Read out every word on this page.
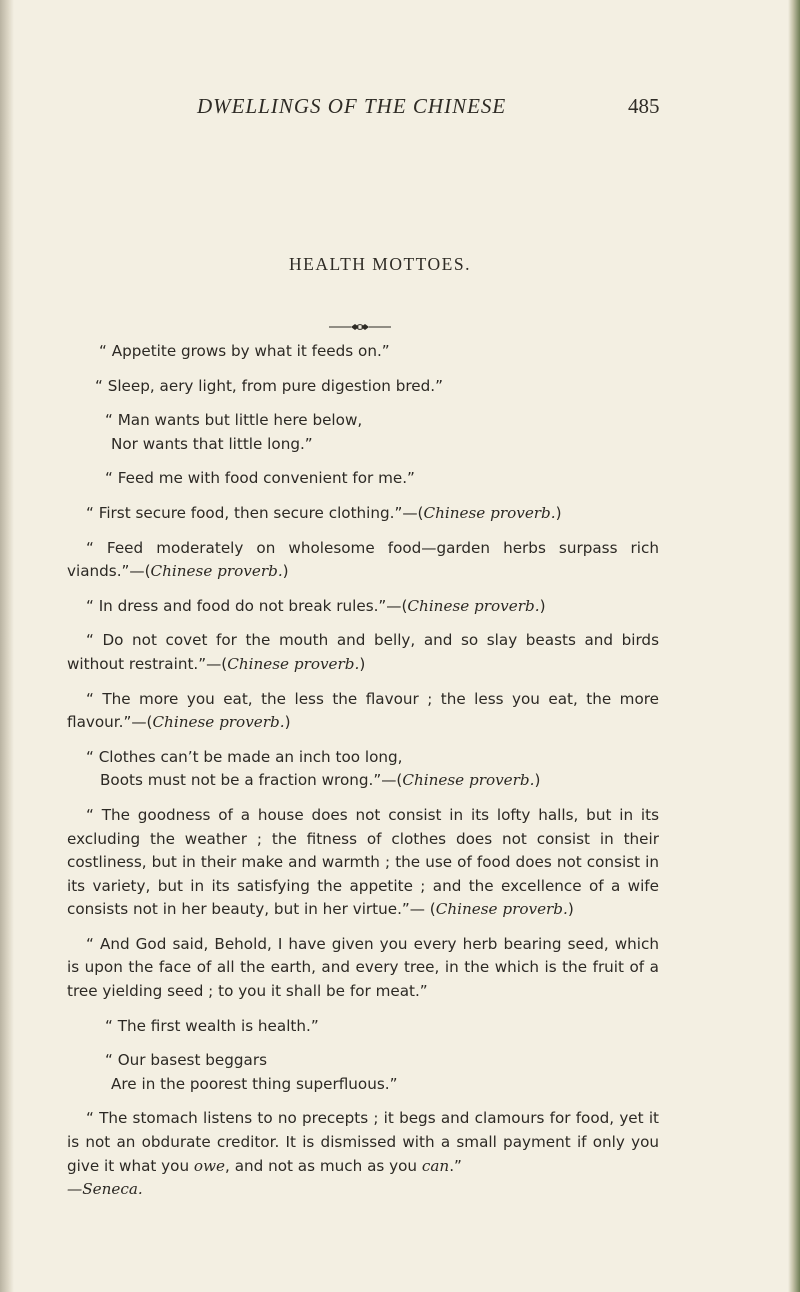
DWELLINGS OF THE CHINESE	485
HEALTH MOTTOES.

“ Appetite grows by what it feeds on.”

“ Sleep, aery light, from pure digestion bred.”

“ Man wants but little here below,
Nor wants that little long.”

“ Feed me with food convenient for me.”

“ First secure food, then secure clothing.”—(Chinese proverb.)

“ Feed moderately on wholesome food—garden herbs surpass rich viands.”—(Chinese proverb.)

“ In dress and food do not break rules.”—(Chinese proverb.)

“ Do not covet for the mouth and belly, and so slay beasts and birds without restraint.”—(Chinese proverb.)

“ The more you eat, the less the flavour ; the less you eat, the more flavour.”—(Chinese proverb.)

“ Clothes can’t be made an inch too long,
Boots must not be a fraction wrong.”—(Chinese proverb.)

“ The goodness of a house does not consist in its lofty halls, but in its excluding the weather ; the fitness of clothes does not consist in their costliness, but in their make and warmth ; the use of food does not consist in its variety, but in its satisfying the appetite ; and the excellence of a wife consists not in her beauty, but in her virtue.”— (Chinese proverb.)

“ And God said, Behold, I have given you every herb bearing seed, which is upon the face of all the earth, and every tree, in the which is the fruit of a tree yielding seed ; to you it shall be for meat.”

“ The first wealth is health.”

“ Our basest beggars
Are in the poorest thing superfluous.”

“ The stomach listens to no precepts ; it begs and clamours for food, yet it is not an obdurate creditor. It is dismissed with a small payment if only you give it what you owe, and not as much as you can.”
—Seneca.
